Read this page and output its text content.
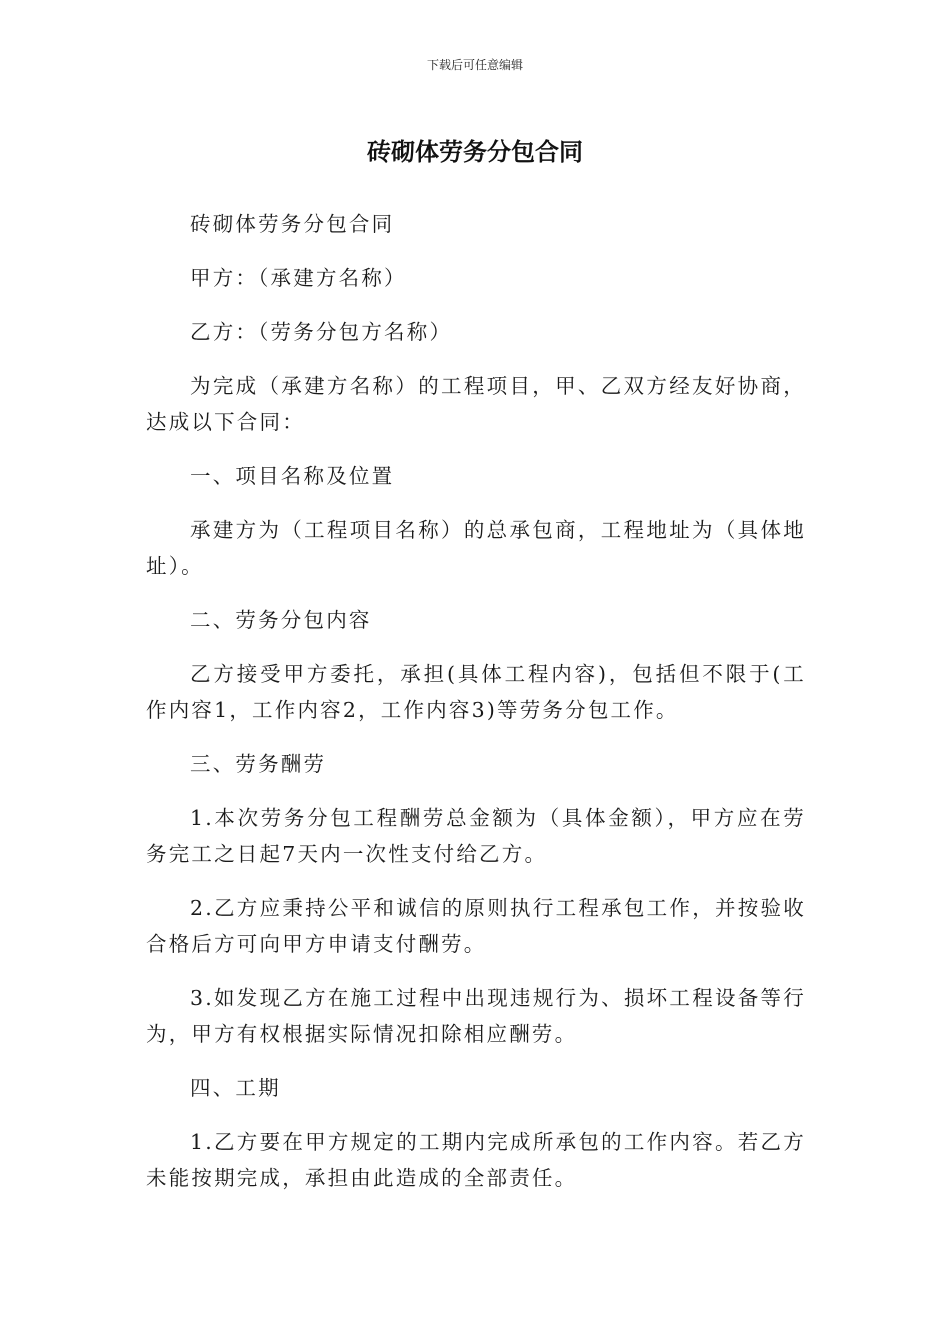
下载后可任意编辑
砖砌体劳务分包合同

砖砌体劳务分包合同

甲方：（承建方名称）

乙方：（劳务分包方名称）

为完成（承建方名称）的工程项目，甲、乙双方经友好协商，达成以下合同：

一、项目名称及位置

承建方为（工程项目名称）的总承包商，工程地址为（具体地址）。

二、劳务分包内容

乙方接受甲方委托，承担(具体工程内容)，包括但不限于(工作内容1，工作内容2，工作内容3)等劳务分包工作。

三、劳务酬劳

1.本次劳务分包工程酬劳总金额为（具体金额），甲方应在劳务完工之日起7天内一次性支付给乙方。

2.乙方应秉持公平和诚信的原则执行工程承包工作，并按验收合格后方可向甲方申请支付酬劳。

3.如发现乙方在施工过程中出现违规行为、损坏工程设备等行为，甲方有权根据实际情况扣除相应酬劳。

四、工期

1.乙方要在甲方规定的工期内完成所承包的工作内容。若乙方未能按期完成，承担由此造成的全部责任。
